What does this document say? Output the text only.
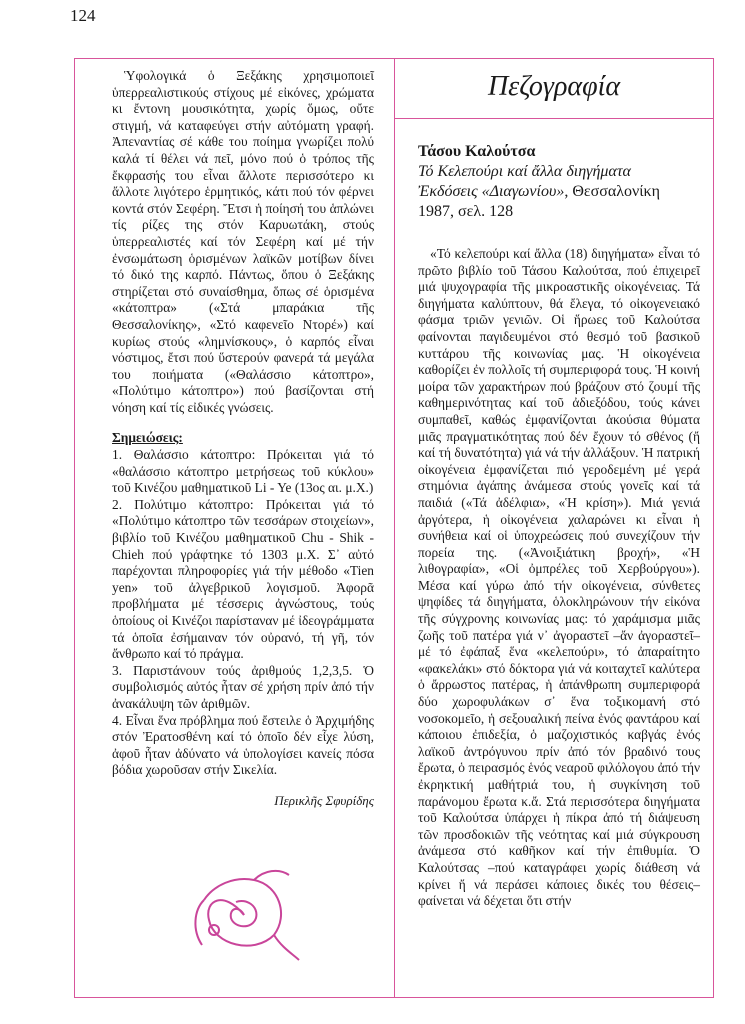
124
Πεζογραφία

Ὑφολογικά ὁ Ξεξάκης χρησιμοποιεῖ ὑπερρεαλιστικούς στίχους μέ εἰκόνες, χρώματα κι ἔντονη μουσικότητα, χωρίς ὅμως, οὔτε στιγμή, νά καταφεύγει στήν αὐτόματη γραφή. Ἀπεναντίας σέ κάθε του ποίημα γνωρίζει πολύ καλά τί θέλει νά πεῖ, μόνο πού ὁ τρόπος τῆς ἔκφρασής του εἶναι ἄλλοτε περισσότερο κι ἄλλοτε λιγότερο ἑρμητικός, κάτι πού τόν φέρνει κοντά στόν Σεφέρη. Ἔτσι ἡ ποίησή του ἁπλώνει τίς ρίζες της στόν Καρυωτάκη, στούς ὑπερρεαλιστές καί τόν Σεφέρη καί μέ τήν ἐνσωμάτωση ὁρισμένων λαϊκῶν μοτίβων δίνει τό δικό της καρπό. Πάντως, ὅπου ὁ Ξεξάκης στηρίζεται στό συναίσθημα, ὅπως σέ ὁρισμένα «κάτοπτρα» («Στά μπαράκια τῆς Θεσσαλονίκης», «Στό καφενεῖο Ντορέ») καί κυρίως στούς «λημνίσκους», ὁ καρπός εἶναι νόστιμος, ἔτσι πού ὕστερούν φανερά τά μεγάλα του ποιήματα («Θαλάσσιο κάτοπτρο», «Πολύτιμο κάτοπτρο») πού βασίζονται στή νόηση καί τίς εἰδικές γνώσεις.

Σημειώσεις:

1. Θαλάσσιο κάτοπτρο: Πρόκειται γιά τό «θαλάσσιο κάτοπτρο μετρήσεως τοῦ κύκλου» τοῦ Κινέζου μαθηματικοῦ Li - Ye (13ος αι. μ.Χ.)

2. Πολύτιμο κάτοπτρο: Πρόκειται γιά τό «Πολύτιμο κάτοπτρο τῶν τεσσάρων στοιχείων», βιβλίο τοῦ Κινέζου μαθηματικοῦ Chu - Shik - Chieh πού γράφτηκε τό 1303 μ.Χ. Σ᾽ αὐτό παρέχονται πληροφορίες γιά τήν μέθοδο «Tien yen» τοῦ ἀλγεβρικοῦ λογισμοῦ. Ἀφορᾶ προβλήματα μέ τέσσερις ἀγνώστους, τούς ὁποίους οἱ Κινέζοι παρίσταναν μέ ἰδεογράμματα τά ὁποῖα ἐσήμαιναν τόν οὐρανό, τή γῆ, τόν ἄνθρωπο καί τό πράγμα.

3. Παριστάνουν τούς ἀριθμούς 1,2,3,5. Ὁ συμβολισμός αὐτός ἦταν σέ χρήση πρίν ἀπό τήν ἀνακάλυψη τῶν ἀριθμῶν.

4. Εἶναι ἕνα πρόβλημα πού ἔστειλε ὁ Ἀρχιμήδης στόν Ἐρατοσθένη καί τό ὁποῖο δέν εἶχε λύση, ἀφοῦ ἦταν ἀδύνατο νά ὑπολογίσει κανείς πόσα βόδια χωροῦσαν στήν Σικελία.

Περικλῆς Σφυρίδης
Τάσου Καλούτσα
Τό Κελεπούρι καί ἄλλα διηγήματα
Ἐκδόσεις «Διαγωνίου», Θεσσαλονίκη
1987, σελ. 128

«Τό κελεπούρι καί ἄλλα (18) διηγήματα» εἶναι τό πρῶτο βιβλίο τοῦ Τάσου Καλούτσα, πού ἐπιχειρεῖ μιά ψυχογραφία τῆς μικροαστικῆς οἰκογένειας. Τά διηγήματα καλύπτουν, θά ἔλεγα, τό οἰκογενειακό φάσμα τριῶν γενιῶν. Οἱ ἥρωες τοῦ Καλούτσα φαίνονται παγιδευμένοι στό θεσμό τοῦ βασικοῦ κυττάρου τῆς κοινωνίας μας. Ἡ οἰκογένεια καθορίζει ἐν πολλοῖς τή συμπεριφορά τους. Ἡ κοινή μοίρα τῶν χαρακτήρων πού βράζουν στό ζουμί τῆς καθημερινότητας καί τοῦ ἀδιεξόδου, τούς κάνει συμπαθεῖ, καθώς ἐμφανίζονται ἀκούσια θύματα μιᾶς πραγματικότητας πού δέν ἔχουν τό σθένος (ἤ καί τή δυνατότητα) γιά νά τήν ἀλλάξουν. Ἡ πατρική οἰκογένεια ἐμφανίζεται πιό γεροδεμένη μέ γερά στημόνια ἀγάπης ἀνάμεσα στούς γονεῖς καί τά παιδιά («Τά ἀδέλφια», «Ἡ κρίση»). Μιά γενιά ἀργότερα, ἡ οἰκογένεια χαλαρώνει κι εἶναι ἡ συνήθεια καί οἱ ὑποχρεώσεις πού συνεχίζουν τήν πορεία της. («Ἀνοιξιάτικη βροχή», «Ἡ λιθογραφία», «Οἱ ὀμπρέλες τοῦ Χερβούργου»). Μέσα καί γύρω ἀπό τήν οἰκογένεια, σύνθετες ψηφίδες τά διηγήματα, ὁλοκληρώνουν τήν εἰκόνα τῆς σύγχρονης κοινωνίας μας: τό χαράμισμα μιᾶς ζωῆς τοῦ πατέρα γιά ν᾽ ἀγοραστεῖ –ἄν ἀγοραστεῖ– μέ τό ἐφάπαξ ἕνα «κελεπούρι», τό ἀπαραίτητο «φακελάκι» στό δόκτορα γιά νά κοιταχτεῖ καλύτερα ὁ ἄρρωστος πατέρας, ἡ ἀπάνθρωπη συμπεριφορά δύο χωροφυλάκων σ᾽ ἕνα τοξικομανή στό νοσοκομεῖο, ἡ σεξουαλική πείνα ἑνός φαντάρου καί κάποιου ἐπιδεξία, ὁ μαζοχιστικός καβγάς ἑνός λαϊκοῦ ἀντρόγυνου πρίν ἀπό τόν βραδινό τους ἔρωτα, ὁ πειρασμός ἑνός νεαροῦ φιλόλογου ἀπό τήν ἐκρηκτική μαθήτριά του, ἡ συγκίνηση τοῦ παράνομου ἔρωτα κ.ἄ. Στά περισσότερα διηγήματα τοῦ Καλούτσα ὑπάρχει ἡ πίκρα ἀπό τή διάψευση τῶν προσδοκιῶν τῆς νεότητας καί μιά σύγκρουση ἀνάμεσα στό καθῆκον καί τήν ἐπιθυμία. Ὁ Καλούτσας –πού καταγράφει χωρίς διάθεση νά κρίνει ἤ νά περάσει κάποιες δικές του θέσεις– φαίνεται νά δέχεται ὅτι στήν
